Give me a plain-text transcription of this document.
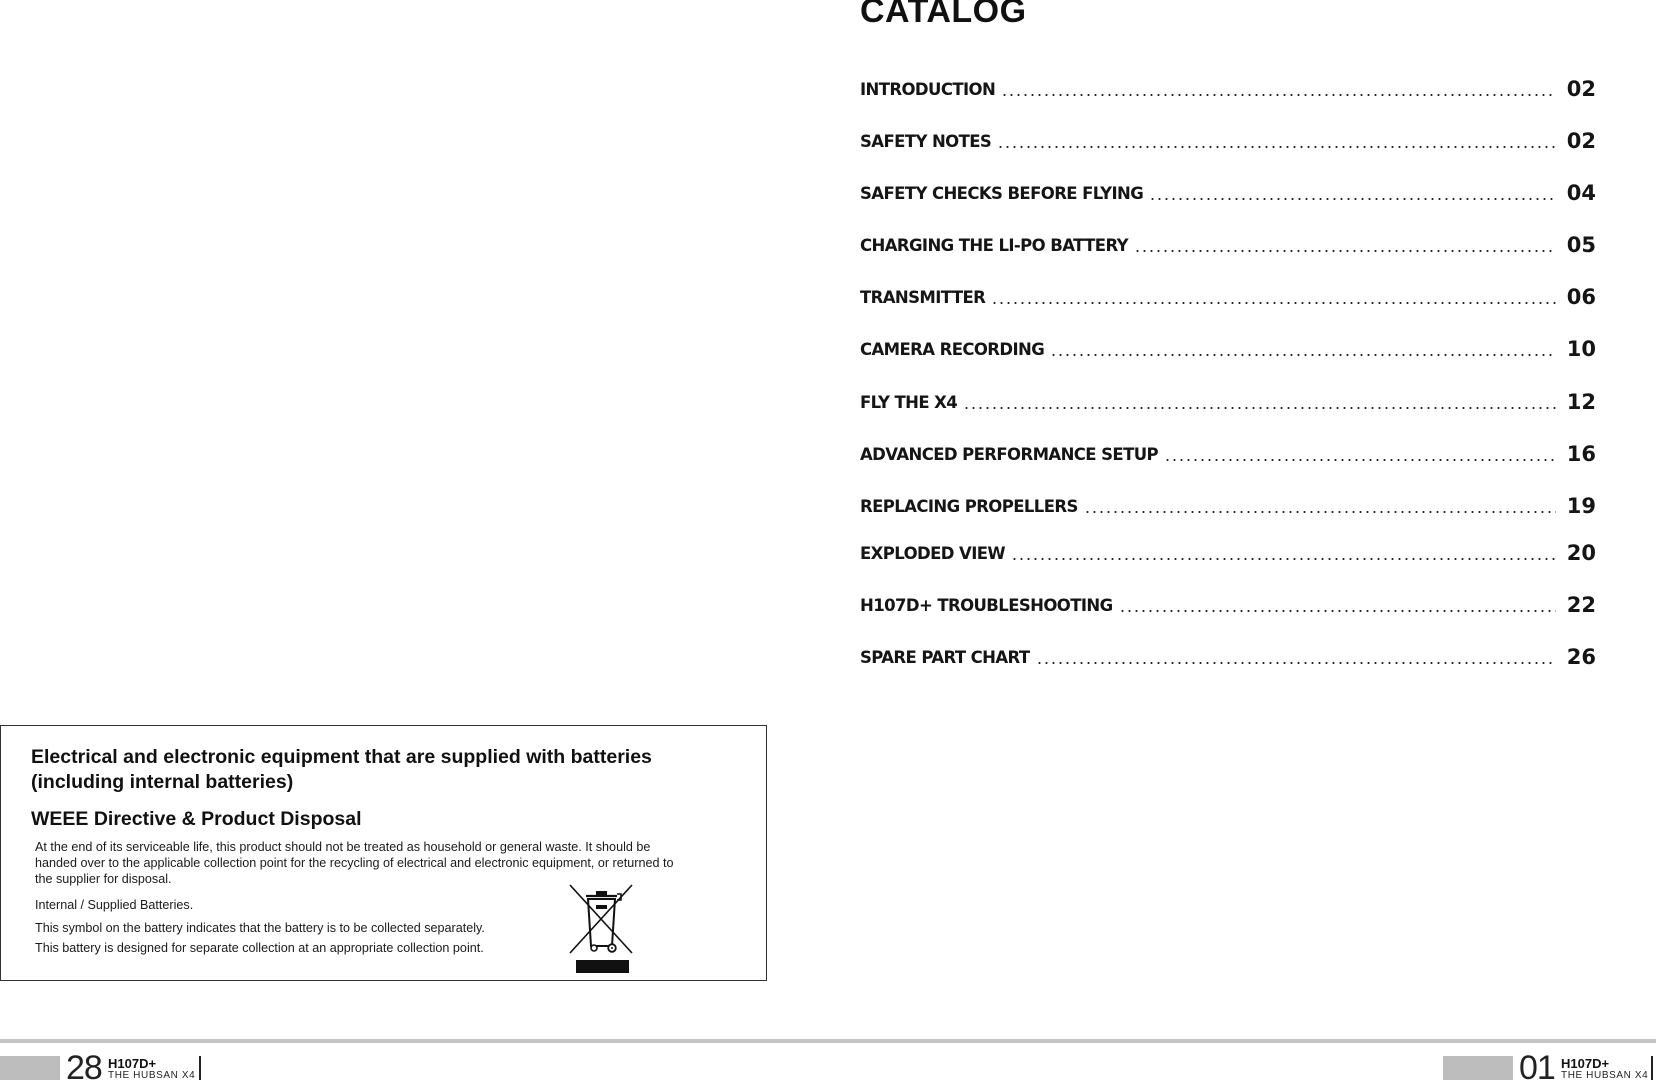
CATALOG
INTRODUCTION	02
SAFETY NOTES	02
SAFETY CHECKS BEFORE FLYING	04
CHARGING THE LI-PO BATTERY	05
TRANSMITTER	06
CAMERA RECORDING	10
FLY THE X4	12
ADVANCED PERFORMANCE SETUP	16
REPLACING PROPELLERS	19
EXPLODED VIEW	20
H107D+ TROUBLESHOOTING	22
SPARE PART CHART	26
Electrical and electronic equipment that are supplied with batteries (including internal batteries)
WEEE Directive & Product Disposal
At the end of its serviceable life, this product should not be treated as household or general waste. It should be handed over to the applicable collection point for the recycling of electrical and electronic equipment, or returned to the supplier for disposal.
Internal / Supplied Batteries.
This symbol on the battery indicates that the battery is to be collected separately.
This battery is designed for separate collection at an appropriate collection point.
28 H107D+
THE HUBSAN X4	01 H107D+
THE HUBSAN X4
